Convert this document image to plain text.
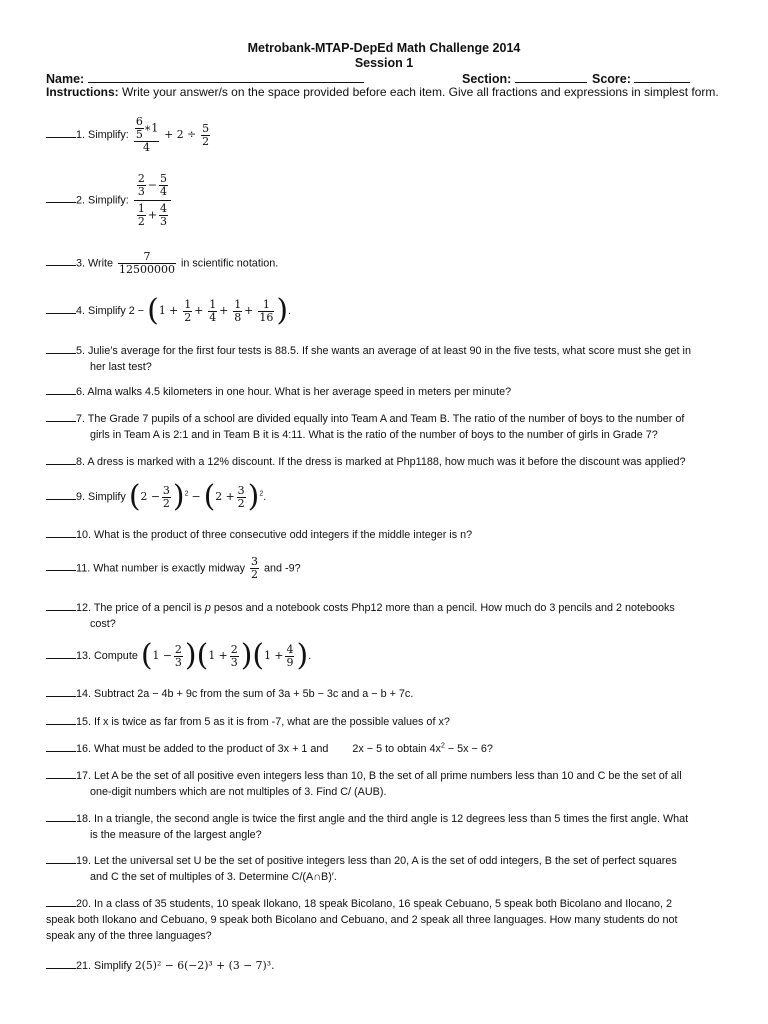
Metrobank-MTAP-DepEd Math Challenge 2014
Session 1
Name:	Section:	Score:
Instructions: Write your answer/s on the space provided before each item. Give all fractions and expressions in simplest form.
1. Simplify: $\frac{\frac{6}{5} ∗1}{4} + 2 \div \frac{5}{2}$
2. Simplify: $\frac{\frac{2}{3} - \frac{5}{4}}{\frac{1}{2} + \frac{4}{3}}$
3. Write $\frac{7}{12500000}$ in scientific notation.
4. Simplify $2 - (1 + \frac{1}{2} + \frac{1}{4} + \frac{1}{8} + \frac{1}{16}$ ).
5. Julie’s average for the first four tests is 88.5. If she wants an average of at least 90 in the five tests, what score must she get in
her last test?
6. Alma walks 4.5 kilometers in one hour. What is her average speed in meters per minute?
7. The Grade 7 pupils of a school are divided equally into Team A and Team B. The ratio of the number of boys to the number of
girls in Team A is 2:1 and in Team B it is 4:11. What is the ratio of the number of boys to the number of girls in Grade 7?
8. A dress is marked with a 12% discount. If the dress is marked at Php1188, how much was it before the discount was applied?
9. Simplify $(2 - \frac{3}{2} )^2 - (2 + \frac{3}{2} )^2$.
10. What is the product of three consecutive odd integers if the middle integer is n?
11. What number is exactly midway $\frac{3}{2}$ and -9?
12. The price of a pencil is p pesos and a notebook costs Php12 more than a pencil. How much do 3 pencils and 2 notebooks
cost?
13. Compute $(1 - \frac{2}{3} )(1 + \frac{2}{3} )(1 + \frac{4}{9}$ ).
14. Subtract 2a − 4b + 9c from the sum of 3a + 5b − 3c and a − b + 7c.
15. If x is twice as far from 5 as it is from -7, what are the possible values of x?
16. What must be added to the product of 3x + 1 and        2x − 5 to obtain $4x^2 - 5x - 6$?
17. Let A be the set of all positive even integers less than 10, B the set of all prime numbers less than 10 and C be the set of all
one-digit numbers which are not multiples of 3. Find C/ (AUB).
18. In a triangle, the second angle is twice the first angle and the third angle is 12 degrees less than 5 times the first angle. What
is the measure of the largest angle?
19. Let the universal set U be the set of positive integers less than 20, A is the set of odd integers, B the set of perfect squares
and C the set of multiples of 3. Determine C/(A∩B)′.
20. In a class of 35 students, 10 speak Ilokano, 18 speak Bicolano, 16 speak Cebuano, 5 speak both Bicolano and Ilocano, 2
speak both Ilokano and Cebuano, 9 speak both Bicolano and Cebuano, and 2 speak all three languages. How many students do not
speak any of the three languages?
21. Simplify 2(5)² − 6(−2)³ + (3 − 7)³.
